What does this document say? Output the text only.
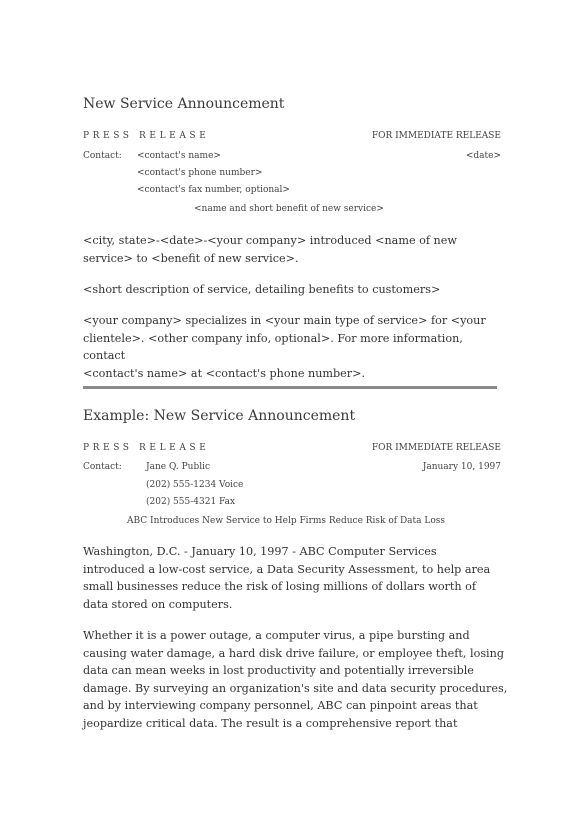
New Service Announcement
PRESS RELEASE	FOR IMMEDIATE RELEASE
Contact: <contact's name>	<date>
<contact's phone number>
<contact's fax number, optional>
<name and short benefit of new service>
<city, state>-<date>-<your company> introduced <name of new
service> to <benefit of new service>.
<short description of service, detailing benefits to customers>
<your company> specializes in <your main type of service> for <your
clientele>. <other company info, optional>. For more information, contact
<contact's name> at <contact's phone number>.
Example: New Service Announcement
PRESS RELEASE	FOR IMMEDIATE RELEASE
Contact:	Jane Q. Public	January 10, 1997
(202) 555-1234 Voice
(202) 555-4321 Fax
ABC Introduces New Service to Help Firms Reduce Risk of Data Loss
Washington, D.C. - January 10, 1997 - ABC Computer Services
introduced a low-cost service, a Data Security Assessment, to help area
small businesses reduce the risk of losing millions of dollars worth of
data stored on computers.
Whether it is a power outage, a computer virus, a pipe bursting and
causing water damage, a hard disk drive failure, or employee theft, losing
data can mean weeks in lost productivity and potentially irreversible
damage. By surveying an organization's site and data security procedures,
and by interviewing company personnel, ABC can pinpoint areas that
jeopardize critical data. The result is a comprehensive report that
